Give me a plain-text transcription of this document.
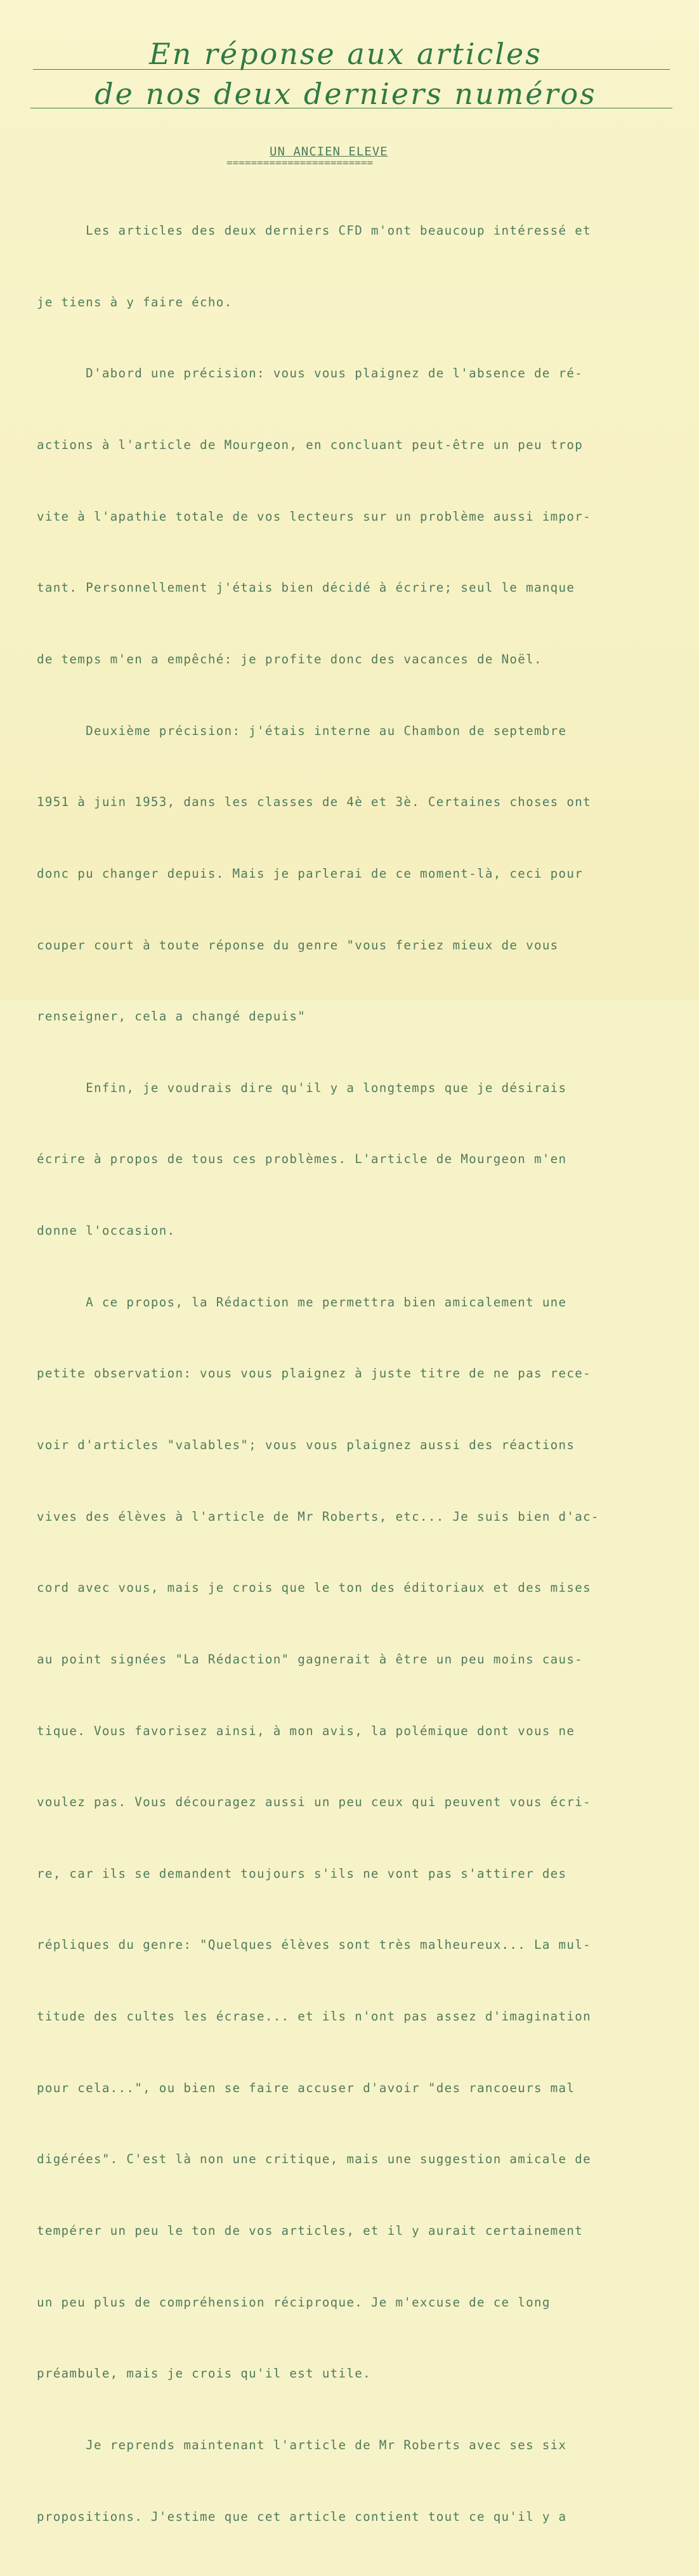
En réponse aux articles
de nos deux derniers numéros
UN ANCIEN ELEVE
========================

Les articles des deux derniers CFD m'ont beaucoup intéressé et

je tiens à y faire écho.

D'abord une précision: vous vous plaignez de l'absence de ré-

actions à l'article de Mourgeon, en concluant peut-être un peu trop

vite à l'apathie totale de vos lecteurs sur un problème aussi impor-

tant. Personnellement j'étais bien décidé à écrire; seul le manque

de temps m'en a empêché: je profite donc des vacances de Noël.

Deuxième précision: j'étais interne au Chambon de septembre

1951 à juin 1953, dans les classes de 4è et 3è. Certaines choses ont

donc pu changer depuis. Mais je parlerai de ce moment-là, ceci pour

couper court à toute réponse du genre "vous feriez mieux de vous

renseigner, cela a changé depuis"

Enfin, je voudrais dire qu'il y a longtemps que je désirais

écrire à propos de tous ces problèmes. L'article de Mourgeon m'en

donne l'occasion.

A ce propos, la Rédaction me permettra bien amicalement une

petite observation: vous vous plaignez à juste titre de ne pas rece-

voir d'articles "valables"; vous vous plaignez aussi des réactions

vives des élèves à l'article de Mr Roberts, etc... Je suis bien d'ac-

cord avec vous, mais je crois que le ton des éditoriaux et des mises

au point signées "La Rédaction" gagnerait à être un peu moins caus-

tique. Vous favorisez ainsi, à mon avis, la polémique dont vous ne

voulez pas. Vous découragez aussi un peu ceux qui peuvent vous écri-

re, car ils se demandent toujours s'ils ne vont pas s'attirer des

répliques du genre: "Quelques élèves sont très malheureux... La mul-

titude des cultes les écrase... et ils n'ont pas assez d'imagination

pour cela...", ou bien se faire accuser d'avoir "des rancoeurs mal

digérées". C'est là non une critique, mais une suggestion amicale de

tempérer un peu le ton de vos articles, et il y aurait certainement

un peu plus de compréhension réciproque. Je m'excuse de ce long

préambule, mais je crois qu'il est utile.

Je reprends maintenant l'article de Mr Roberts avec ses six

propositions. J'estime que cet article contient tout ce qu'il y a
